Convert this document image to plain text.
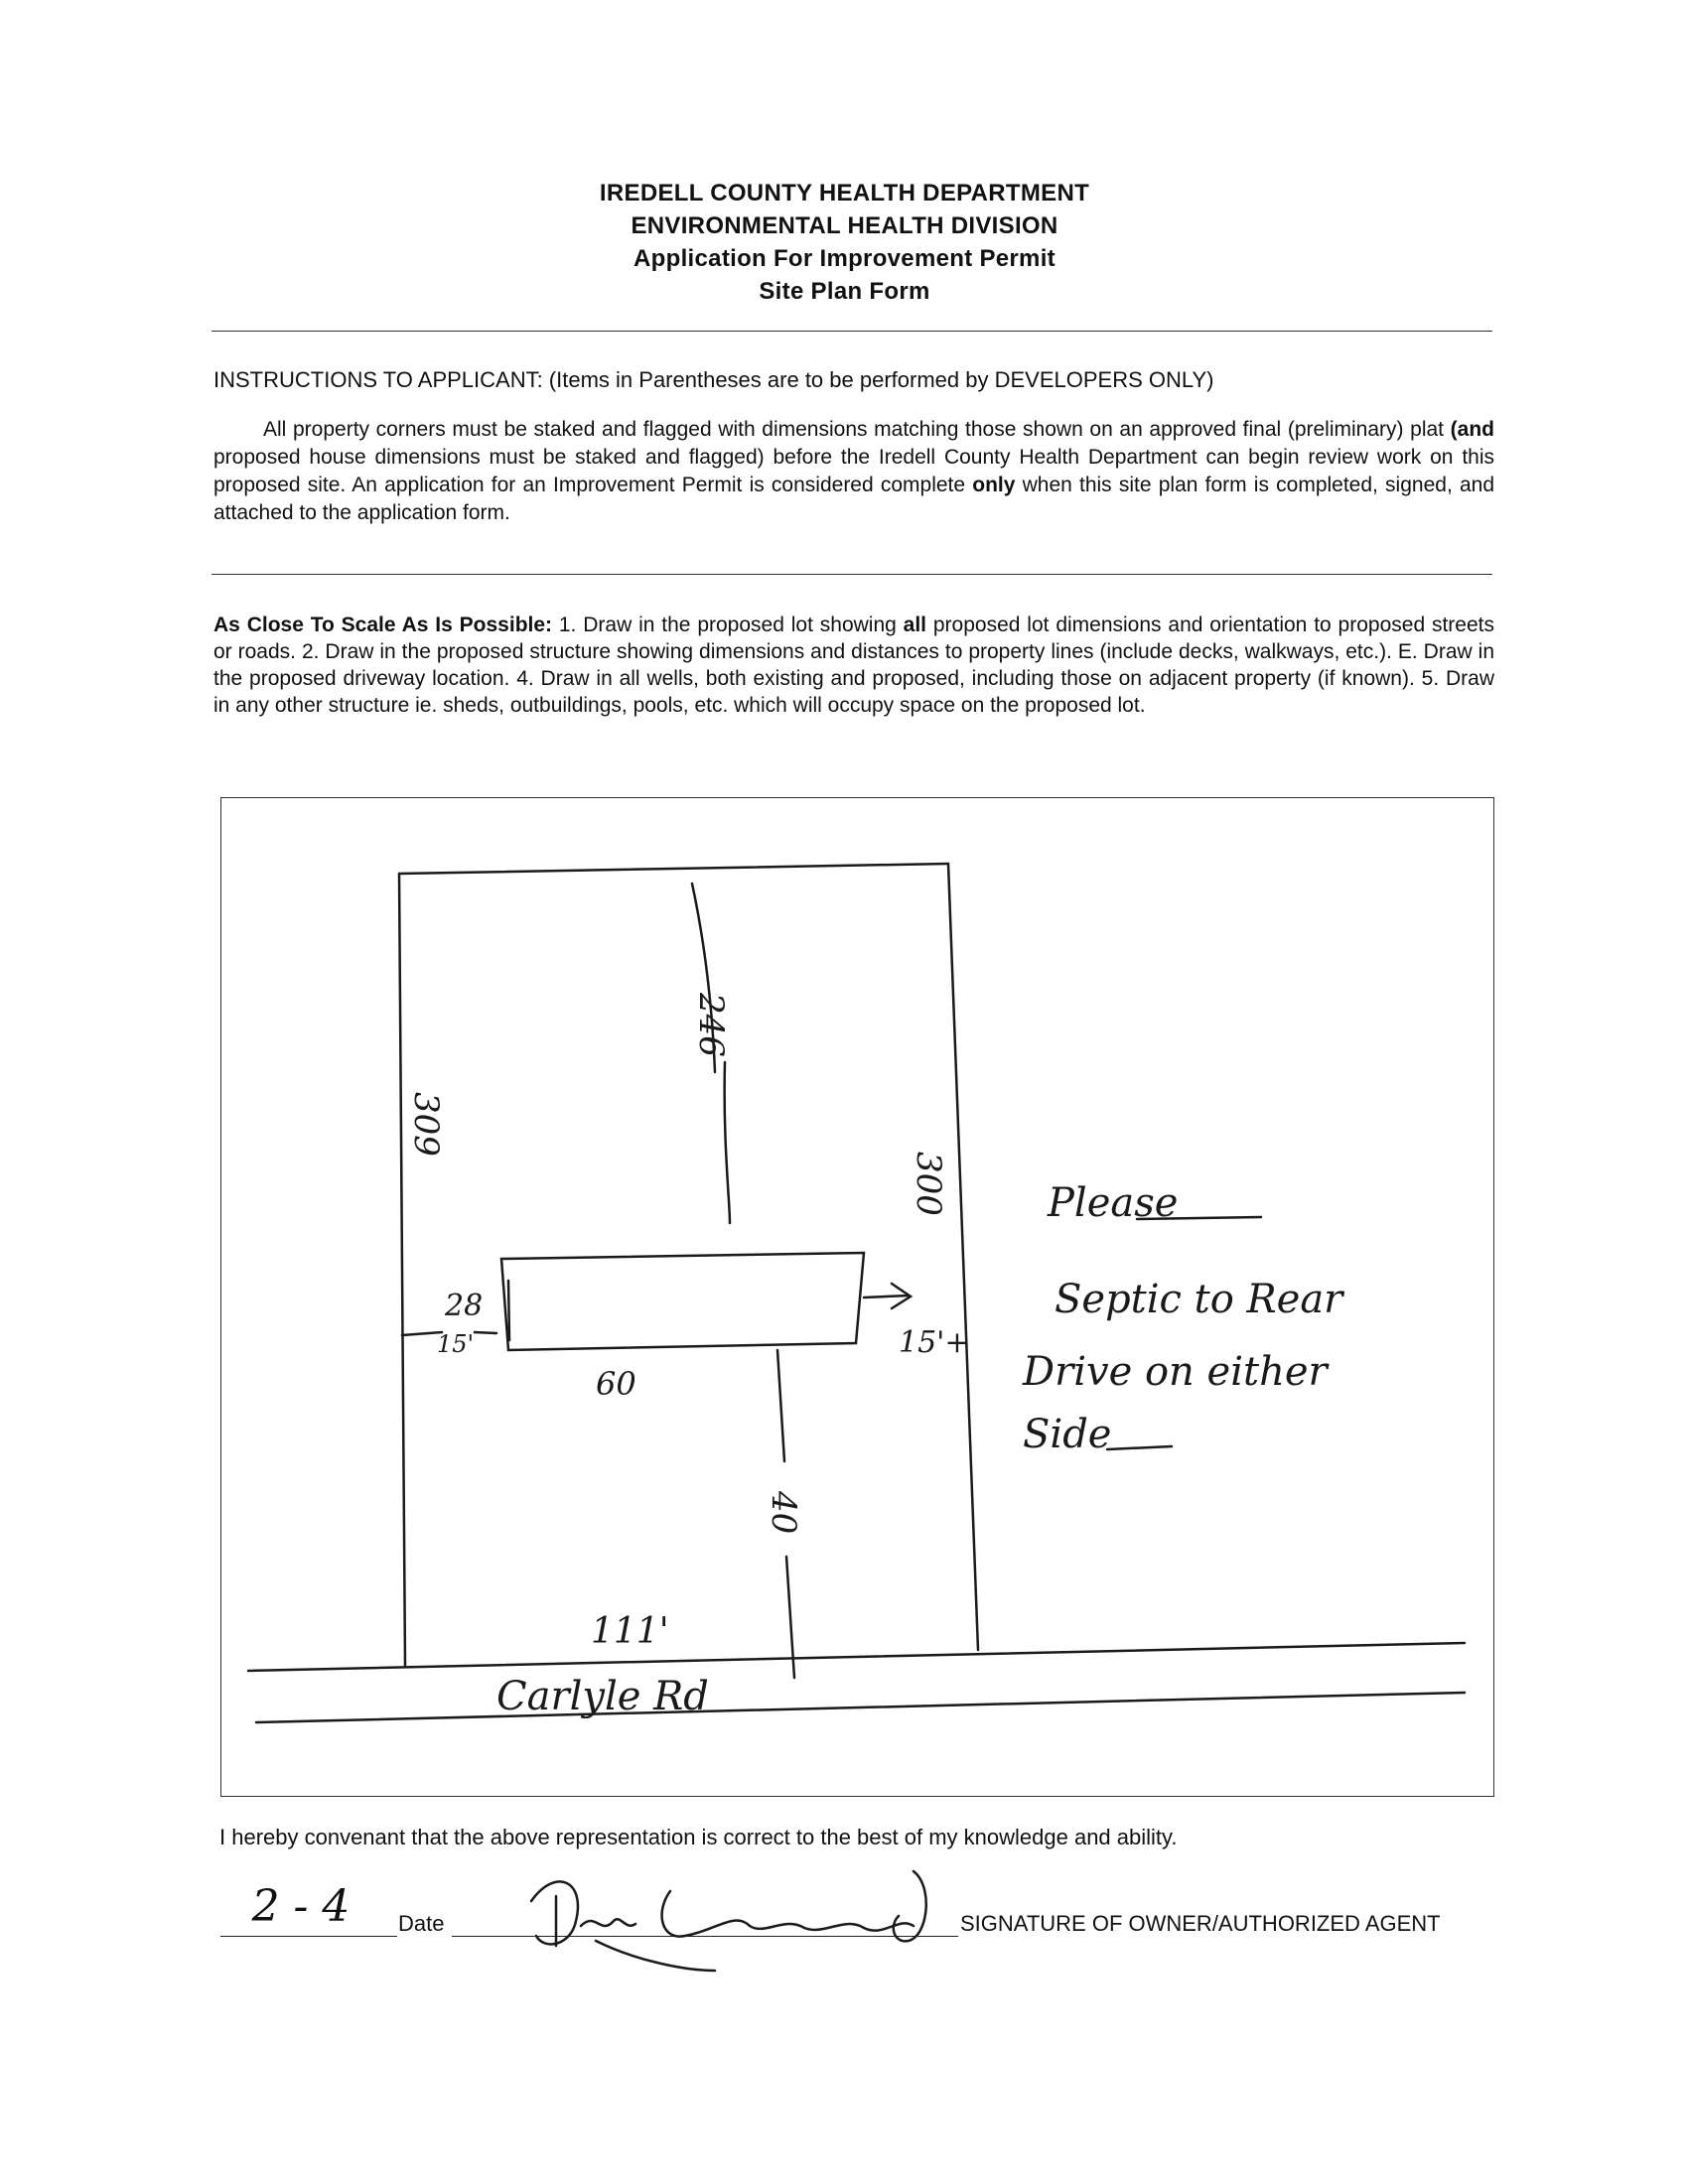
IREDELL COUNTY HEALTH DEPARTMENT
ENVIRONMENTAL HEALTH DIVISION
Application For Improvement Permit
Site Plan Form
INSTRUCTIONS TO APPLICANT: (Items in Parentheses are to be performed by DEVELOPERS ONLY)
All property corners must be staked and flagged with dimensions matching those shown on an approved final (preliminary) plat (and proposed house dimensions must be staked and flagged) before the Iredell County Health Department can begin review work on this proposed site. An application for an Improvement Permit is considered complete only when this site plan form is completed, signed, and attached to the application form.
As Close To Scale As Is Possible: 1. Draw in the proposed lot showing all proposed lot dimensions and orientation to proposed streets or roads. 2. Draw in the proposed structure showing dimensions and distances to property lines (include decks, walkways, etc.). E. Draw in the proposed driveway location. 4. Draw in all wells, both existing and proposed, including those on adjacent property (if known). 5. Draw in any other structure ie. sheds, outbuildings, pools, etc. which will occupy space on the proposed lot.
246
309
300
28
60
15'	15'+
40
111'
Carlyle Rd
Please
Septic to Rear
Drive on either
Side
I hereby convenant that the above representation is correct to the best of my knowledge and ability.
2 - 4	Date	SIGNATURE OF OWNER/AUTHORIZED AGENT
